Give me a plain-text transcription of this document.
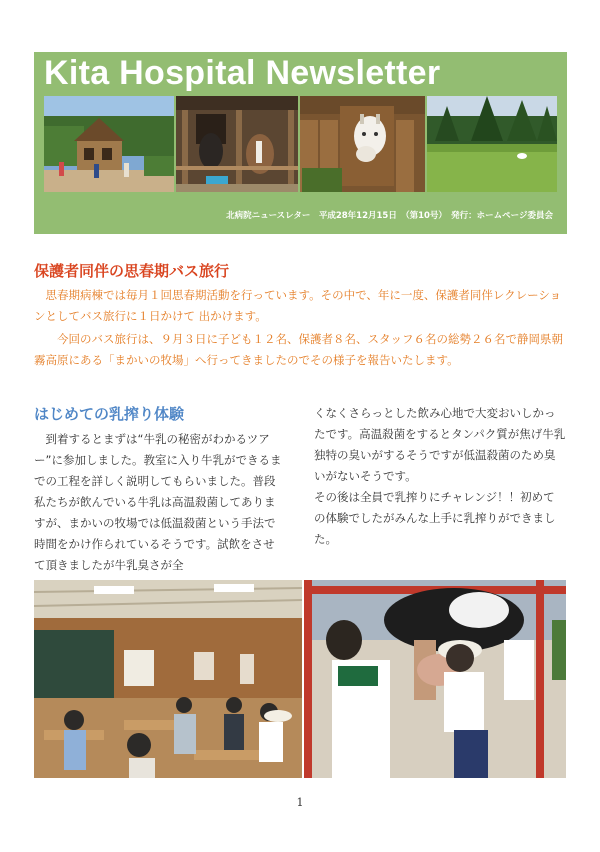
Kita Hospital Newsletter
北病院ニュースレター　平成28年12月15日　（第10号）　発行：ホームページ委員会
保護者同伴の思春期バス旅行

思春期病棟では毎月１回思春期活動を行っています。その中で、年に一度、保護者同伴レクレーションとしてバス旅行に１日かけて 出かけます。

今回のバス旅行は、９月３日に子ども１２名、保護者８名、スタッフ６名の総勢２６名で静岡県朝霧高原にある「まかいの牧場」へ行ってきましたのでその様子を報告いたします。

はじめての乳搾り体験

到着するとまずは“牛乳の秘密がわかるツアー”に参加しました。教室に入り牛乳ができるまでの工程を詳しく説明してもらいました。普段私たちが飲んでいる牛乳は高温殺菌してありますが、まかいの牧場では低温殺菌という手法で時間をかけ作られているそうです。試飲をさせて頂きましたが牛乳臭さが全

くなくさらっとした飲み心地で大変おいしかったです。高温殺菌をするとタンパク質が焦げ牛乳独特の臭いがするそうですが低温殺菌のため臭いがないそうです。

その後は全員で乳搾りにチャレンジ！！初めての体験でしたがみんな上手に乳搾りができました。

1
